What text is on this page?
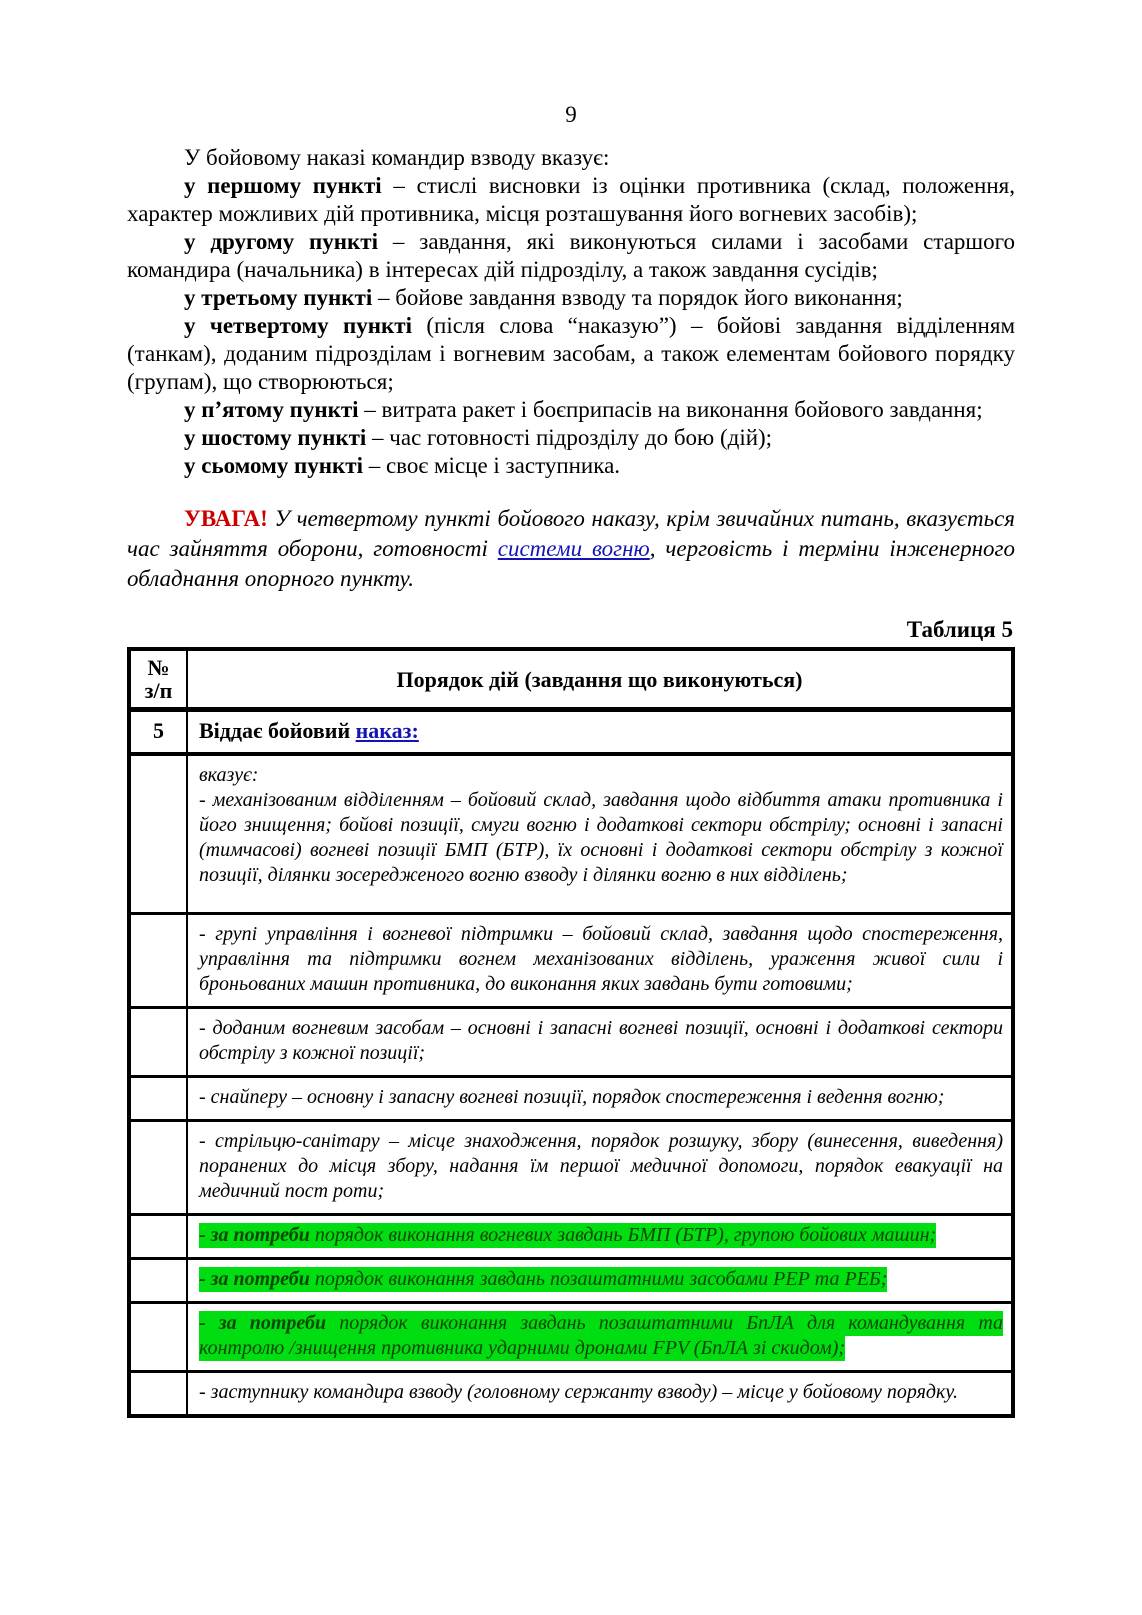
9

У бойовому наказі командир взводу вказує:

у першому пункті – стислі висновки із оцінки противника (склад, положення, характер можливих дій противника, місця розташування його вогневих засобів);

у другому пункті – завдання, які виконуються силами і засобами старшого командира (начальника) в інтересах дій підрозділу, а також завдання сусідів;

у третьому пункті – бойове завдання взводу та порядок його виконання;

у четвертому пункті (після слова “наказую”) – бойові завдання відділенням (танкам), доданим підрозділам і вогневим засобам, а також елементам бойового порядку (групам), що створюються;

у п’ятому пункті – витрата ракет і боєприпасів на виконання бойового завдання;

у шостому пункті – час готовності підрозділу до бою (дій);

у сьомому пункті – своє місце і заступника.

УВАГА! У четвертому пункті бойового наказу, крім звичайних питань, вказується час зайняття оборони, готовності системи вогню, черговість і терміни інженерного обладнання опорного пункту.

Таблиця 5
№
з/п	Порядок дій (завдання що виконуються)
5	Віддає бойовий наказ:

	вказує:
- механізованим відділенням – бойовий склад, завдання щодо відбиття атаки противника і його знищення; бойові позиції, смуги вогню і додаткові сектори обстрілу; основні і запасні (тимчасові) вогневі позиції БМП (БТР), їх основні і додаткові сектори обстрілу з кожної позиції, ділянки зосередженого вогню взводу і ділянки вогню в них відділень;

	- групі управління і вогневої підтримки – бойовий склад, завдання щодо спостереження, управління та підтримки вогнем механізованих відділень, ураження живої сили і броньованих машин противника, до виконання яких завдань бути готовими;

	- доданим вогневим засобам – основні і запасні вогневі позиції, основні і додаткові сектори обстрілу з кожної позиції;

	- снайперу – основну і запасну вогневі позиції, порядок спостереження і ведення вогню;

	- стрільцю-санітару – місце знаходження, порядок розшуку, збору (винесення, виведення) поранених до місця збору, надання їм першої медичної допомоги, порядок евакуації на медичний пост роти;

	- за потреби порядок виконання вогневих завдань БМП (БТР), групою бойових машин;

	- за потреби порядок виконання завдань позаштатними засобами РЕР та РЕБ;

	- за потреби порядок виконання завдань позаштатними БпЛА для командування та контролю /знищення противника ударними дронами FPV (БпЛА зі скидом);

	- заступнику командира взводу (головному сержанту взводу) – місце у бойовому порядку.
